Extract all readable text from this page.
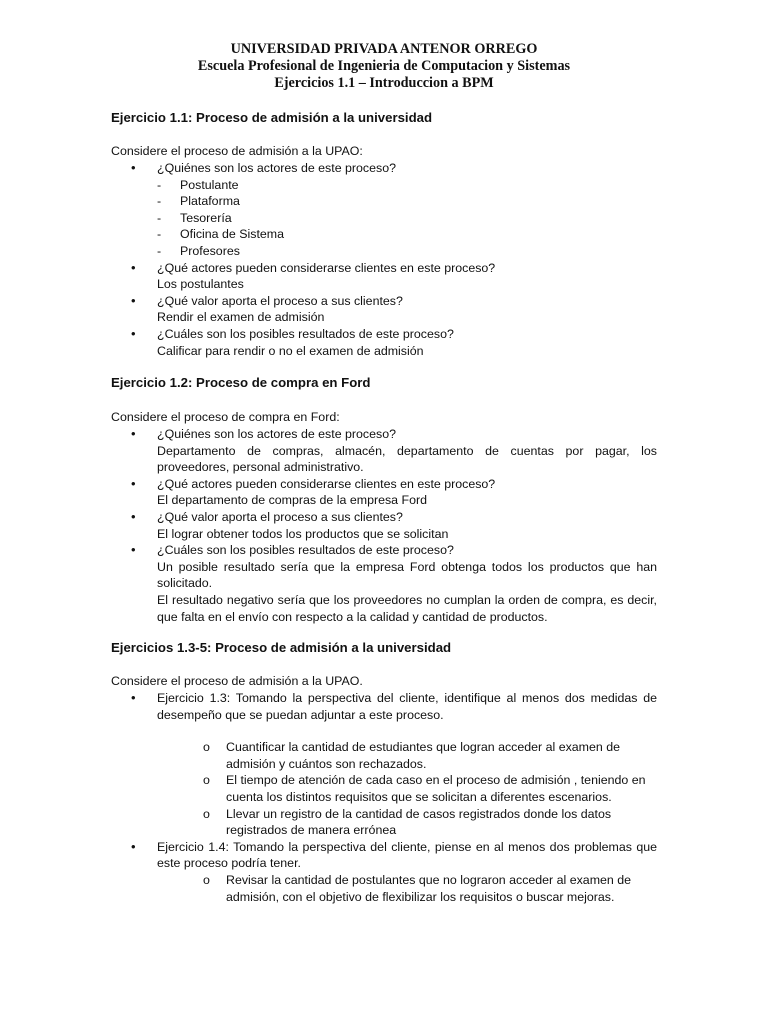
UNIVERSIDAD PRIVADA ANTENOR ORREGO
Escuela Profesional de Ingenieria de Computacion y Sistemas
Ejercicios 1.1 – Introduccion a BPM
Ejercicio 1.1: Proceso de admisión a la universidad
Considere el proceso de admisión a la UPAO:
• ¿Quiénes son los actores de este proceso?
- Postulante
- Plataforma
- Tesorería
- Oficina de Sistema
- Profesores
• ¿Qué actores pueden considerarse clientes en este proceso?
Los postulantes
• ¿Qué valor aporta el proceso a sus clientes?
Rendir el examen de admisión
• ¿Cuáles son los posibles resultados de este proceso?
Calificar para rendir o no el examen de admisión
Ejercicio 1.2: Proceso de compra en Ford
Considere el proceso de compra en Ford:
• ¿Quiénes son los actores de este proceso?
Departamento de compras, almacén, departamento de cuentas por pagar, los proveedores, personal administrativo.
• ¿Qué actores pueden considerarse clientes en este proceso?
El departamento de compras de la empresa Ford
• ¿Qué valor aporta el proceso a sus clientes?
El lograr obtener todos los productos que se solicitan
• ¿Cuáles son los posibles resultados de este proceso?
Un posible resultado sería que la empresa Ford obtenga todos los productos que han solicitado.
El resultado negativo sería que los proveedores no cumplan la orden de compra, es decir, que falta en el envío con respecto a la calidad y cantidad de productos.
Ejercicios 1.3-5: Proceso de admisión a la universidad
Considere el proceso de admisión a la UPAO.
• Ejercicio 1.3: Tomando la perspectiva del cliente, identifique al menos dos medidas de desempeño que se puedan adjuntar a este proceso.
o Cuantificar la cantidad de estudiantes que logran acceder al examen de admisión y cuántos son rechazados.
o El tiempo de atención de cada caso en el proceso de admisión , teniendo en cuenta los distintos requisitos que se solicitan a diferentes escenarios.
o Llevar un registro de la cantidad de casos registrados donde los datos registrados de manera errónea
• Ejercicio 1.4: Tomando la perspectiva del cliente, piense en al menos dos problemas que este proceso podría tener.
o Revisar la cantidad de postulantes que no lograron acceder al examen de admisión, con el objetivo de flexibilizar los requisitos o buscar mejoras.
